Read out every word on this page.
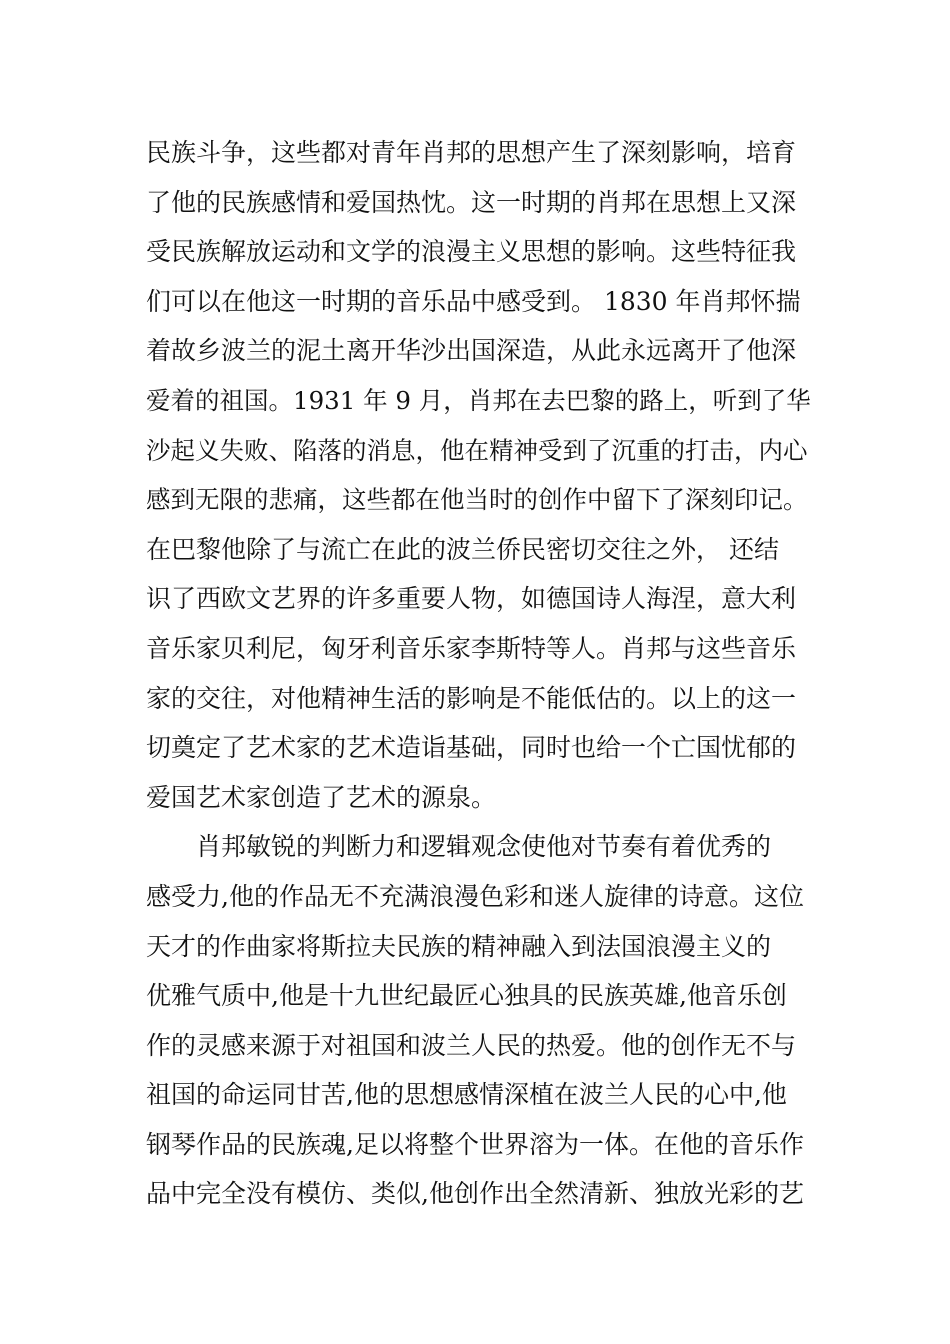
民族斗争，这些都对青年肖邦的思想产生了深刻影响，培育
了他的民族感情和爱国热忱。这一时期的肖邦在思想上又深
受民族解放运动和文学的浪漫主义思想的影响。这些特征我
们可以在他这一时期的音乐品中感受到。 1830 年肖邦怀揣
着故乡波兰的泥土离开华沙出国深造，从此永远离开了他深
爱着的祖国。1931 年 9 月，肖邦在去巴黎的路上，听到了华
沙起义失败、陷落的消息，他在精神受到了沉重的打击，内心
感到无限的悲痛，这些都在他当时的创作中留下了深刻印记。
在巴黎他除了与流亡在此的波兰侨民密切交往之外， 还结
识了西欧文艺界的许多重要人物，如德国诗人海涅，意大利
音乐家贝利尼，匈牙利音乐家李斯特等人。肖邦与这些音乐
家的交往，对他精神生活的影响是不能低估的。以上的这一
切奠定了艺术家的艺术造诣基础，同时也给一个亡国忧郁的
爱国艺术家创造了艺术的源泉。
　　肖邦敏锐的判断力和逻辑观念使他对节奏有着优秀的
感受力,他的作品无不充满浪漫色彩和迷人旋律的诗意。这位
天才的作曲家将斯拉夫民族的精神融入到法国浪漫主义的
优雅气质中,他是十九世纪最匠心独具的民族英雄,他音乐创
作的灵感来源于对祖国和波兰人民的热爱。他的创作无不与
祖国的命运同甘苦,他的思想感情深植在波兰人民的心中,他
钢琴作品的民族魂,足以将整个世界溶为一体。在他的音乐作
品中完全没有模仿、类似,他创作出全然清新、独放光彩的艺
